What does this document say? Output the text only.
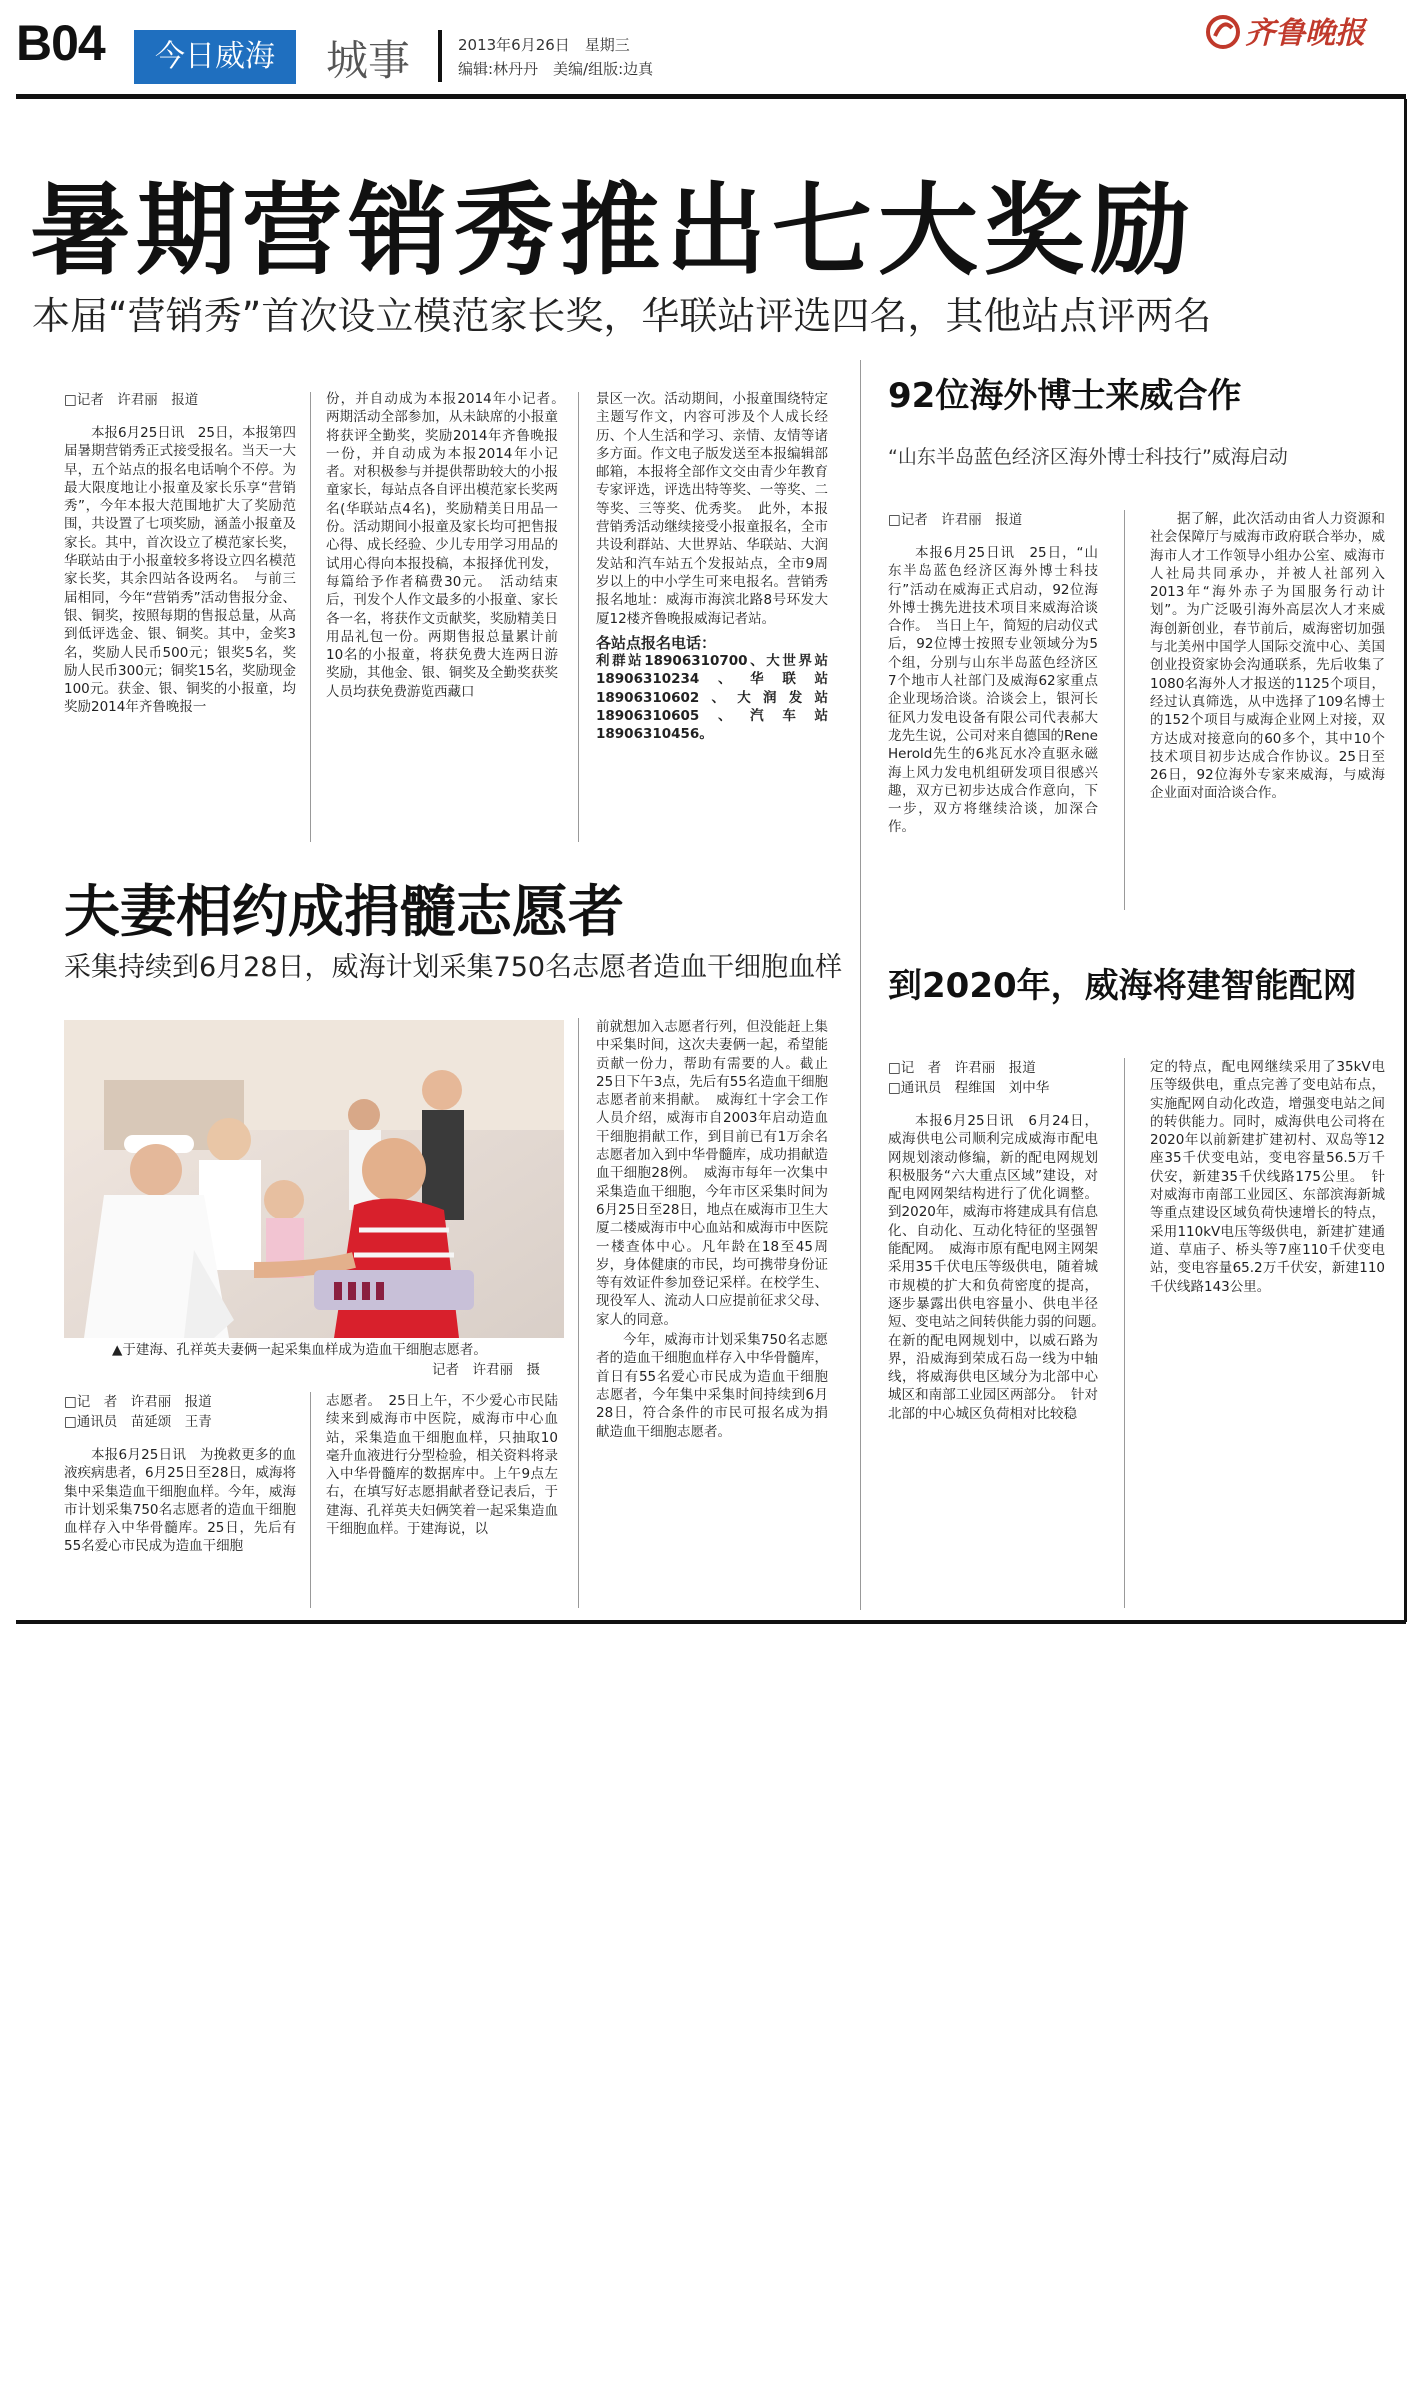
B04	今日威海	城事	2013年6月26日　星期三
编辑:林丹丹　美编/组版:边真
齐鲁晚报
暑期营销秀推出七大奖励
本届“营销秀”首次设立模范家长奖，华联站评选四名，其他站点评两名
□记者　许君丽　报道

本报6月25日讯　25日，本报第四届暑期营销秀正式接受报名。当天一大早，五个站点的报名电话响个不停。为最大限度地让小报童及家长乐享“营销秀”，今年本报大范围地扩大了奖励范围，共设置了七项奖励，涵盖小报童及家长。其中，首次设立了模范家长奖，华联站由于小报童较多将设立四名模范家长奖，其余四站各设两名。　与前三届相同，今年“营销秀”活动售报分金、银、铜奖，按照每期的售报总量，从高到低评选金、银、铜奖。其中，金奖3名，奖励人民币500元；银奖5名，奖励人民币300元；铜奖15名，奖励现金100元。获金、银、铜奖的小报童，均奖励2014年齐鲁晚报一

份，并自动成为本报2014年小记者。　两期活动全部参加，从未缺席的小报童将获评全勤奖，奖励2014年齐鲁晚报一份，并自动成为本报2014年小记者。对积极参与并提供帮助较大的小报童家长，每站点各自评出模范家长奖两名(华联站点4名)，奖励精美日用品一份。活动期间小报童及家长均可把售报心得、成长经验、少儿专用学习用品的试用心得向本报投稿，本报择优刊发，每篇给予作者稿费30元。　活动结束后，刊发个人作文最多的小报童、家长各一名，将获作文贡献奖，奖励精美日用品礼包一份。两期售报总量累计前10名的小报童，将获免费大连两日游奖励，其他金、银、铜奖及全勤奖获奖人员均获免费游览西藏口

景区一次。活动期间，小报童围绕特定主题写作文，内容可涉及个人成长经历、个人生活和学习、亲情、友情等诸多方面。作文电子版发送至本报编辑部邮箱，本报将全部作文交由青少年教育专家评选，评选出特等奖、一等奖、二等奖、三等奖、优秀奖。　此外，本报营销秀活动继续接受小报童报名，全市共设利群站、大世界站、华联站、大润发站和汽车站五个发报站点，全市9周岁以上的中小学生可来电报名。营销秀报名地址：威海市海滨北路8号环发大厦12楼齐鲁晚报威海记者站。

各站点报名电话：

利群站18906310700、大世界站18906310234、华联站18906310602、大润发站18906310605、汽车站18906310456。

夫妻相约成捐髓志愿者
采集持续到6月28日，威海计划采集750名志愿者造血干细胞血样
▲于建海、孔祥英夫妻俩一起采集血样成为造血干细胞志愿者。
记者　许君丽　摄
□记　者　许君丽　报道
□通讯员　苗延颂　王青

本报6月25日讯　为挽救更多的血液疾病患者，6月25日至28日，威海将集中采集造血干细胞血样。今年，威海市计划采集750名志愿者的造血干细胞血样存入中华骨髓库。25日，先后有55名爱心市民成为造血干细胞

志愿者。　25日上午，不少爱心市民陆续来到威海市中医院，威海市中心血站，采集造血干细胞血样，只抽取10毫升血液进行分型检验，相关资料将录入中华骨髓库的数据库中。上午9点左右，在填写好志愿捐献者登记表后，于建海、孔祥英夫妇俩笑着一起采集造血干细胞血样。于建海说，以

前就想加入志愿者行列，但没能赶上集中采集时间，这次夫妻俩一起，希望能贡献一份力，帮助有需要的人。截止25日下午3点，先后有55名造血干细胞志愿者前来捐献。　威海红十字会工作人员介绍，威海市自2003年启动造血干细胞捐献工作，到目前已有1万余名志愿者加入到中华骨髓库，成功捐献造血干细胞28例。　威海市每年一次集中采集造血干细胞，今年市区采集时间为6月25日至28日，地点在威海市卫生大厦二楼威海市中心血站和威海市中医院一楼查体中心。凡年龄在18至45周岁，身体健康的市民，均可携带身份证等有效证件参加登记采样。在校学生、现役军人、流动人口应提前征求父母、家人的同意。

今年，威海市计划采集750名志愿者的造血干细胞血样存入中华骨髓库，首日有55名爱心市民成为造血干细胞志愿者，今年集中采集时间持续到6月28日，符合条件的市民可报名成为捐献造血干细胞志愿者。

92位海外博士来威合作
“山东半岛蓝色经济区海外博士科技行”威海启动
□记者　许君丽　报道

本报6月25日讯　25日，“山东半岛蓝色经济区海外博士科技行”活动在威海正式启动，92位海外博士携先进技术项目来威海洽谈合作。　当日上午，简短的启动仪式后，92位博士按照专业领域分为5个组，分别与山东半岛蓝色经济区7个地市人社部门及威海62家重点企业现场洽谈。洽谈会上，银河长征风力发电设备有限公司代表郝大龙先生说，公司对来自德国的Rene Herold先生的6兆瓦水冷直驱永磁海上风力发电机组研发项目很感兴趣，双方已初步达成合作意向，下一步，双方将继续洽谈，加深合作。

据了解，此次活动由省人力资源和社会保障厅与威海市政府联合举办，威海市人才工作领导小组办公室、威海市人社局共同承办，并被人社部列入2013年“海外赤子为国服务行动计划”。为广泛吸引海外高层次人才来威海创新创业，春节前后，威海密切加强与北美州中国学人国际交流中心、美国创业投资家协会沟通联系，先后收集了1080名海外人才报送的1125个项目，经过认真筛选，从中选择了109名博士的152个项目与威海企业网上对接，双方达成对接意向的60多个，其中10个技术项目初步达成合作协议。25日至26日，92位海外专家来威海，与威海企业面对面洽谈合作。

到2020年，威海将建智能配网
□记　者　许君丽　报道
□通讯员　程维国　刘中华

本报6月25日讯　6月24日，威海供电公司顺利完成威海市配电网规划滚动修编，新的配电网规划积极服务“六大重点区域”建设，对配电网网架结构进行了优化调整。到2020年，威海市将建成具有信息化、自动化、互动化特征的坚强智能配网。　威海市原有配电网主网架采用35千伏电压等级供电，随着城市规模的扩大和负荷密度的提高，逐步暴露出供电容量小、供电半径短、变电站之间转供能力弱的问题。　在新的配电网规划中，以威石路为界，沿威海到荣成石岛一线为中轴线，将威海供电区域分为北部中心城区和南部工业园区两部分。　针对北部的中心城区负荷相对比较稳

定的特点，配电网继续采用了35kV电压等级供电，重点完善了变电站布点，实施配网自动化改造，增强变电站之间的转供能力。同时，威海供电公司将在2020年以前新建扩建初村、双岛等12座35千伏变电站，变电容量56.5万千伏安，新建35千伏线路175公里。　针对威海市南部工业园区、东部滨海新城等重点建设区域负荷快速增长的特点，采用110kV电压等级供电，新建扩建通道、草庙子、桥头等7座110千伏变电站，变电容量65.2万千伏安，新建110千伏线路143公里。
